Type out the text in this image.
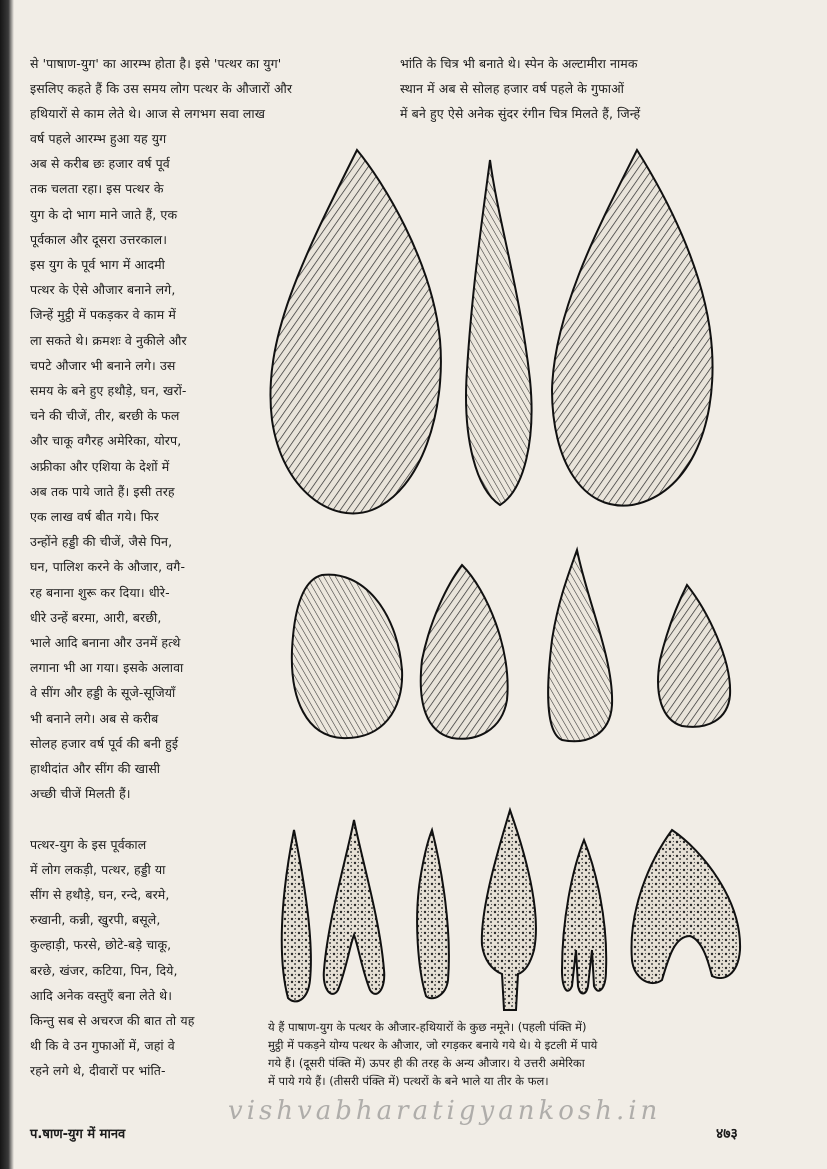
से 'पाषाण-युग' का आरम्भ होता है। इसे 'पत्थर का युग'
इसलिए कहते हैं कि उस समय लोग पत्थर के औजारों और
हथियारों से काम लेते थे। आज से लगभग सवा लाख
भांति के चित्र भी बनाते थे। स्पेन के अल्टामीरा नामक
स्थान में अब से सोलह हजार वर्ष पहले के गुफाओं
में बने हुए ऐसे अनेक सुंदर रंगीन चित्र मिलते हैं, जिन्हें
वर्ष पहले आरम्भ हुआ यह युग
अब से करीब छः हजार वर्ष पूर्व
तक चलता रहा। इस पत्थर के
युग के दो भाग माने जाते हैं, एक
पूर्वकाल और दूसरा उत्तरकाल।
इस युग के पूर्व भाग में आदमी
पत्थर के ऐसे औजार बनाने लगे,
जिन्हें मुट्ठी में पकड़कर वे काम में
ला सकते थे। क्रमशः वे नुकीले और
चपटे औजार भी बनाने लगे। उस
समय के बने हुए हथौड़े, घन, खरों-
चने की चीजें, तीर, बरछी के फल
और चाकू वगैरह अमेरिका, योरप,
अफ्रीका और एशिया के देशों में
अब तक पाये जाते हैं। इसी तरह
एक लाख वर्ष बीत गये। फिर
उन्होंने हड्डी की चीजें, जैसे पिन,
घन, पालिश करने के औजार, वगै-
रह बनाना शुरू कर दिया। धीरे-
धीरे उन्हें बरमा, आरी, बरछी,
भाले आदि बनाना और उनमें हत्थे
लगाना भी आ गया। इसके अलावा
वे सींग और हड्डी के सूजे-सूजियाँ
भी बनाने लगे। अब से करीब
सोलह हजार वर्ष पूर्व की बनी हुई
हाथीदांत और सींग की खासी
अच्छी चीजें मिलती हैं।
पत्थर-युग के इस पूर्वकाल
में लोग लकड़ी, पत्थर, हड्डी या
सींग से हथौड़े, घन, रन्दे, बरमे,
रुखानी, कन्नी, खुरपी, बसूले,
कुल्हाड़ी, फरसे, छोटे-बड़े चाकू,
बरछे, खंजर, कटिया, पिन, दिये,
आदि अनेक वस्तुएँ बना लेते थे।
किन्तु सब से अचरज की बात तो यह
थी कि वे उन गुफाओं में, जहां वे
रहने लगे थे, दीवारों पर भांति-
ये हैं पाषाण-युग के पत्थर के औजार-हथियारों के कुछ नमूने। (पहली पंक्ति में)
मुट्ठी में पकड़ने योग्य पत्थर के औजार, जो रगड़कर बनाये गये थे। ये इटली में पाये
गये हैं। (दूसरी पंक्ति में) ऊपर ही की तरह के अन्य औजार। ये उत्तरी अमेरिका
में पाये गये हैं। (तीसरी पंक्ति में) पत्थरों के बने भाले या तीर के फल।
vishvabharatigyankosh.in
प.षाण-युग में मानव	४७३
